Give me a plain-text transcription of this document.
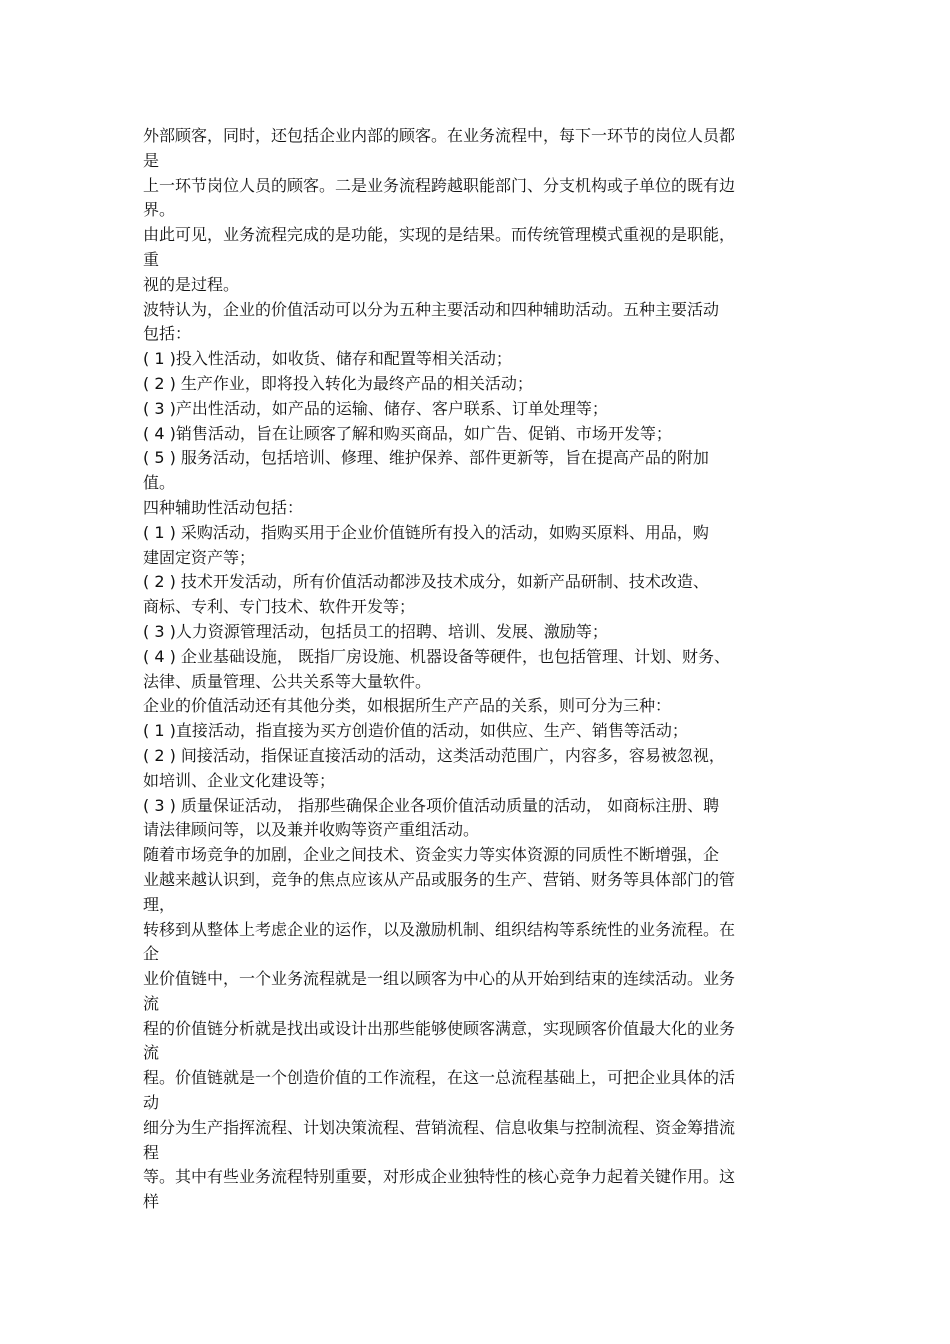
外部顾客，同时，还包括企业内部的顾客。在业务流程中，每下一环节的岗位人员都
是
上一环节岗位人员的顾客。二是业务流程跨越职能部门、分支机构或子单位的既有边
界。
由此可见，业务流程完成的是功能，实现的是结果。而传统管理模式重视的是职能，
重
视的是过程。
波特认为，企业的价值活动可以分为五种主要活动和四种辅助活动。五种主要活动
包括：
( 1 )投入性活动，如收货、储存和配置等相关活动；
( 2 ) 生产作业，即将投入转化为最终产品的相关活动；
( 3 )产出性活动，如产品的运输、储存、客户联系、订单处理等；
( 4 )销售活动，旨在让顾客了解和购买商品，如广告、促销、市场开发等；
( 5 ) 服务活动，包括培训、修理、维护保养、部件更新等，旨在提高产品的附加
值。
四种辅助性活动包括：
( 1 ) 采购活动，指购买用于企业价值链所有投入的活动，如购买原料、用品，购
建固定资产等；
( 2 ) 技术开发活动，所有价值活动都涉及技术成分，如新产品研制、技术改造、
商标、专利、专门技术、软件开发等；
( 3 )人力资源管理活动，包括员工的招聘、培训、发展、激励等；
( 4 ) 企业基础设施， 既指厂房设施、机器设备等硬件，也包括管理、计划、财务、
法律、质量管理、公共关系等大量软件。
企业的价值活动还有其他分类，如根据所生产产品的关系，则可分为三种：
( 1 )直接活动，指直接为买方创造价值的活动，如供应、生产、销售等活动；
( 2 ) 间接活动，指保证直接活动的活动，这类活动范围广，内容多，容易被忽视，
如培训、企业文化建设等；
( 3 ) 质量保证活动， 指那些确保企业各项价值活动质量的活动， 如商标注册、聘
请法律顾问等，以及兼并收购等资产重组活动。
随着市场竞争的加剧，企业之间技术、资金实力等实体资源的同质性不断增强，企
业越来越认识到，竞争的焦点应该从产品或服务的生产、营销、财务等具体部门的管
理，
转移到从整体上考虑企业的运作，以及激励机制、组织结构等系统性的业务流程。在
企
业价值链中，一个业务流程就是一组以顾客为中心的从开始到结束的连续活动。业务
流
程的价值链分析就是找出或设计出那些能够使顾客满意，实现顾客价值最大化的业务
流
程。价值链就是一个创造价值的工作流程，在这一总流程基础上，可把企业具体的活
动
细分为生产指挥流程、计划决策流程、营销流程、信息收集与控制流程、资金筹措流
程
等。其中有些业务流程特别重要，对形成企业独特性的核心竞争力起着关键作用。这
样
